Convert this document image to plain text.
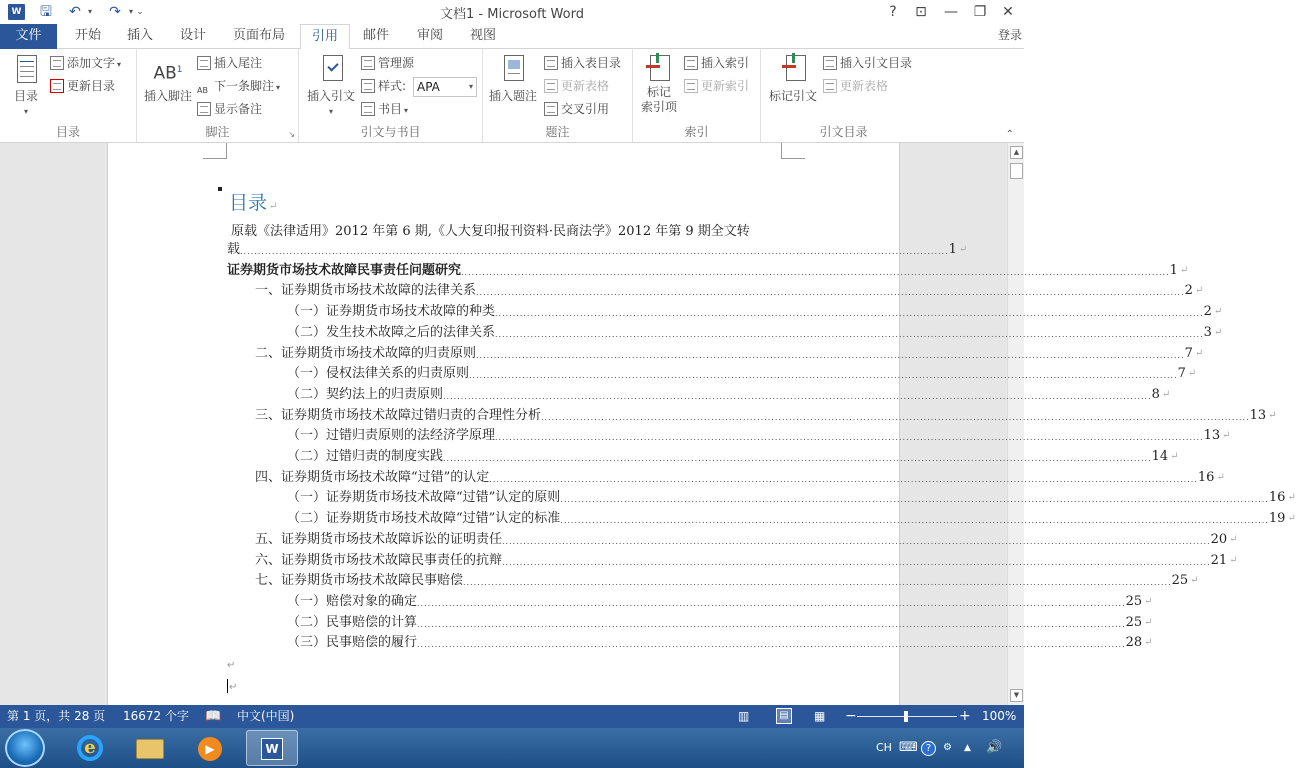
W 🖫 ↶ ▾ ↷	▾ ⌄	文档1 - Microsoft Word	?	⊡	—	❐	✕
文件	开始	插入	设计	页面布局	引用	邮件	审阅	视图	登录
目录
▾
添加文字 ▾
更新目录
目录
$AB^1$
插入脚注
插入尾注
AB 下一条脚注 ▾
显示备注
脚注	↘
插入引文
▾
管理源
样式:
书目 ▾
引文与书目
APA	▾
插入题注
插入表目录
更新表格
交叉引用
题注
标记
索引项
插入索引
更新索引
索引
标记引文
插入引文目录
更新表格
引文目录	⌃
目录 ↵
原载《法律适用》2012 年第 6 期,《人大复印报刊资料·民商法学》2012 年第 9 期全文转
↵
↵
▲
▼
载 ........................................................................................................................................................................................................ 1 ↵
证券期货市场技术故障民事责任问题研究 ........................................................................................................................................................................................................ 1 ↵
一、证券期货市场技术故障的法律关系 ........................................................................................................................................................................................................ 2 ↵
（一）证券期货市场技术故障的种类 ........................................................................................................................................................................................................ 2 ↵
（二）发生技术故障之后的法律关系 ........................................................................................................................................................................................................ 3 ↵
二、证券期货市场技术故障的归责原则 ........................................................................................................................................................................................................ 7 ↵
（一）侵权法律关系的归责原则 ........................................................................................................................................................................................................ 7 ↵
（二）契约法上的归责原则 ........................................................................................................................................................................................................ 8 ↵
三、证券期货市场技术故障过错归责的合理性分析 ........................................................................................................................................................................................................ 13 ↵
（一）过错归责原则的法经济学原理 ........................................................................................................................................................................................................ 13 ↵
（二）过错归责的制度实践 ........................................................................................................................................................................................................ 14 ↵
四、证券期货市场技术故障“过错”的认定 ........................................................................................................................................................................................................ 16 ↵
（一）证券期货市场技术故障“过错”认定的原则 ........................................................................................................................................................................................................ 16 ↵
（二）证券期货市场技术故障“过错”认定的标准 ........................................................................................................................................................................................................ 19 ↵
五、证券期货市场技术故障诉讼的证明责任 ........................................................................................................................................................................................................ 20 ↵
六、证券期货市场技术故障民事责任的抗辩 ........................................................................................................................................................................................................ 21 ↵
七、证券期货市场技术故障民事赔偿 ........................................................................................................................................................................................................ 25 ↵
（一）赔偿对象的确定 ........................................................................................................................................................................................................ 25 ↵
（二）民事赔偿的计算 ........................................................................................................................................................................................................ 25 ↵
（三）民事赔偿的履行 ........................................................................................................................................................................................................ 28 ↵
第 1 页，共 28 页 16672 个字 📖 中文(中国)	▥	▤ ▦ −	+ 100%
e	▶	W	CH ⌨ ?	⚙ ▲ 🔊
